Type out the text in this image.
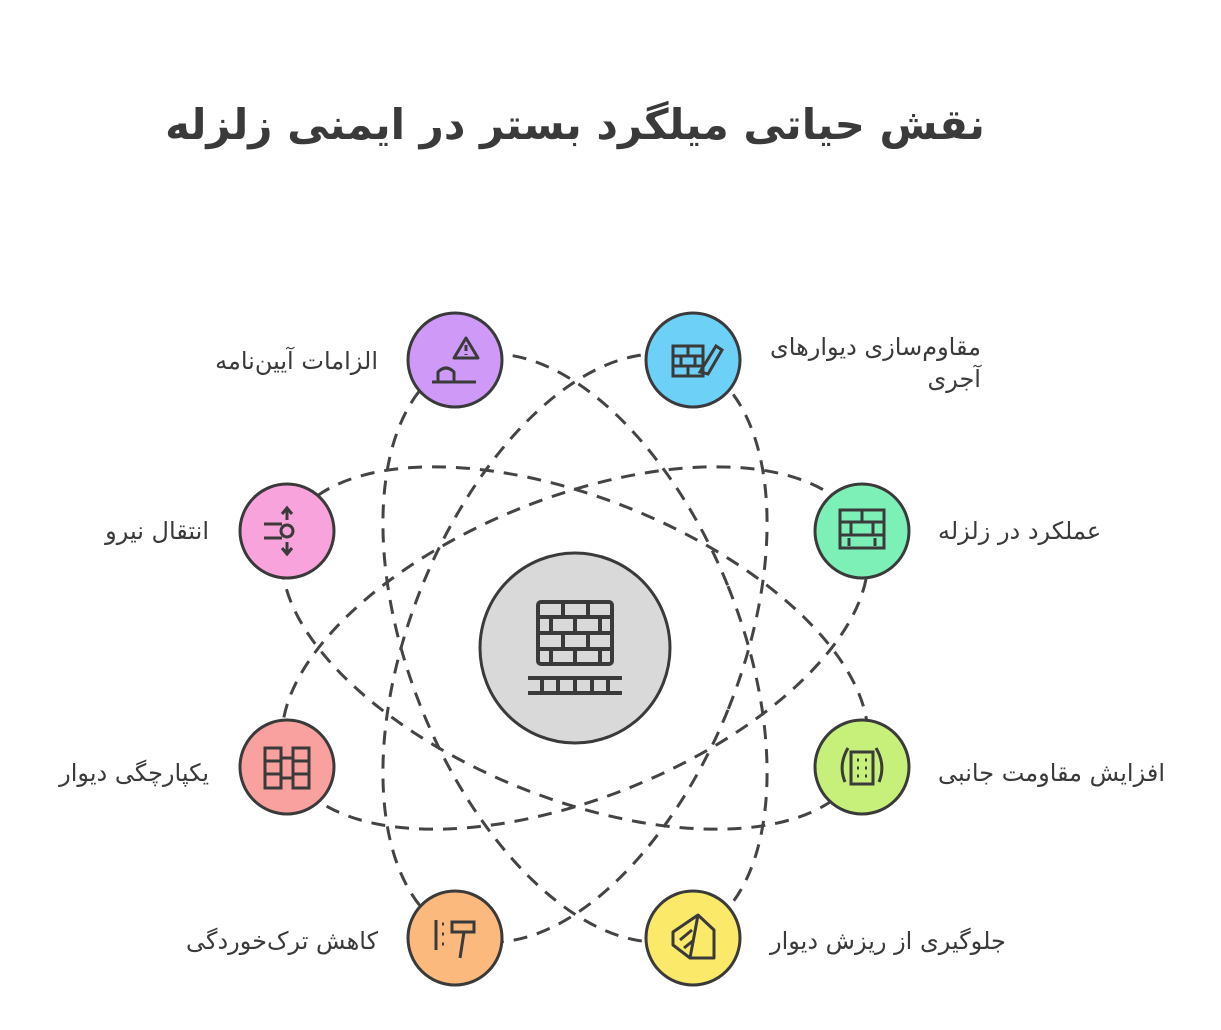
نقش حیاتی میلگرد بستر در ایمنی زلزله
مقاوم‌سازی دیوارهای
آجری
عملکرد در زلزله
افزایش مقاومت جانبی
جلوگیری از ریزش دیوار
کاهش ترک‌خوردگی
یکپارچگی دیوار
انتقال نیرو
الزامات آیین‌نامه
